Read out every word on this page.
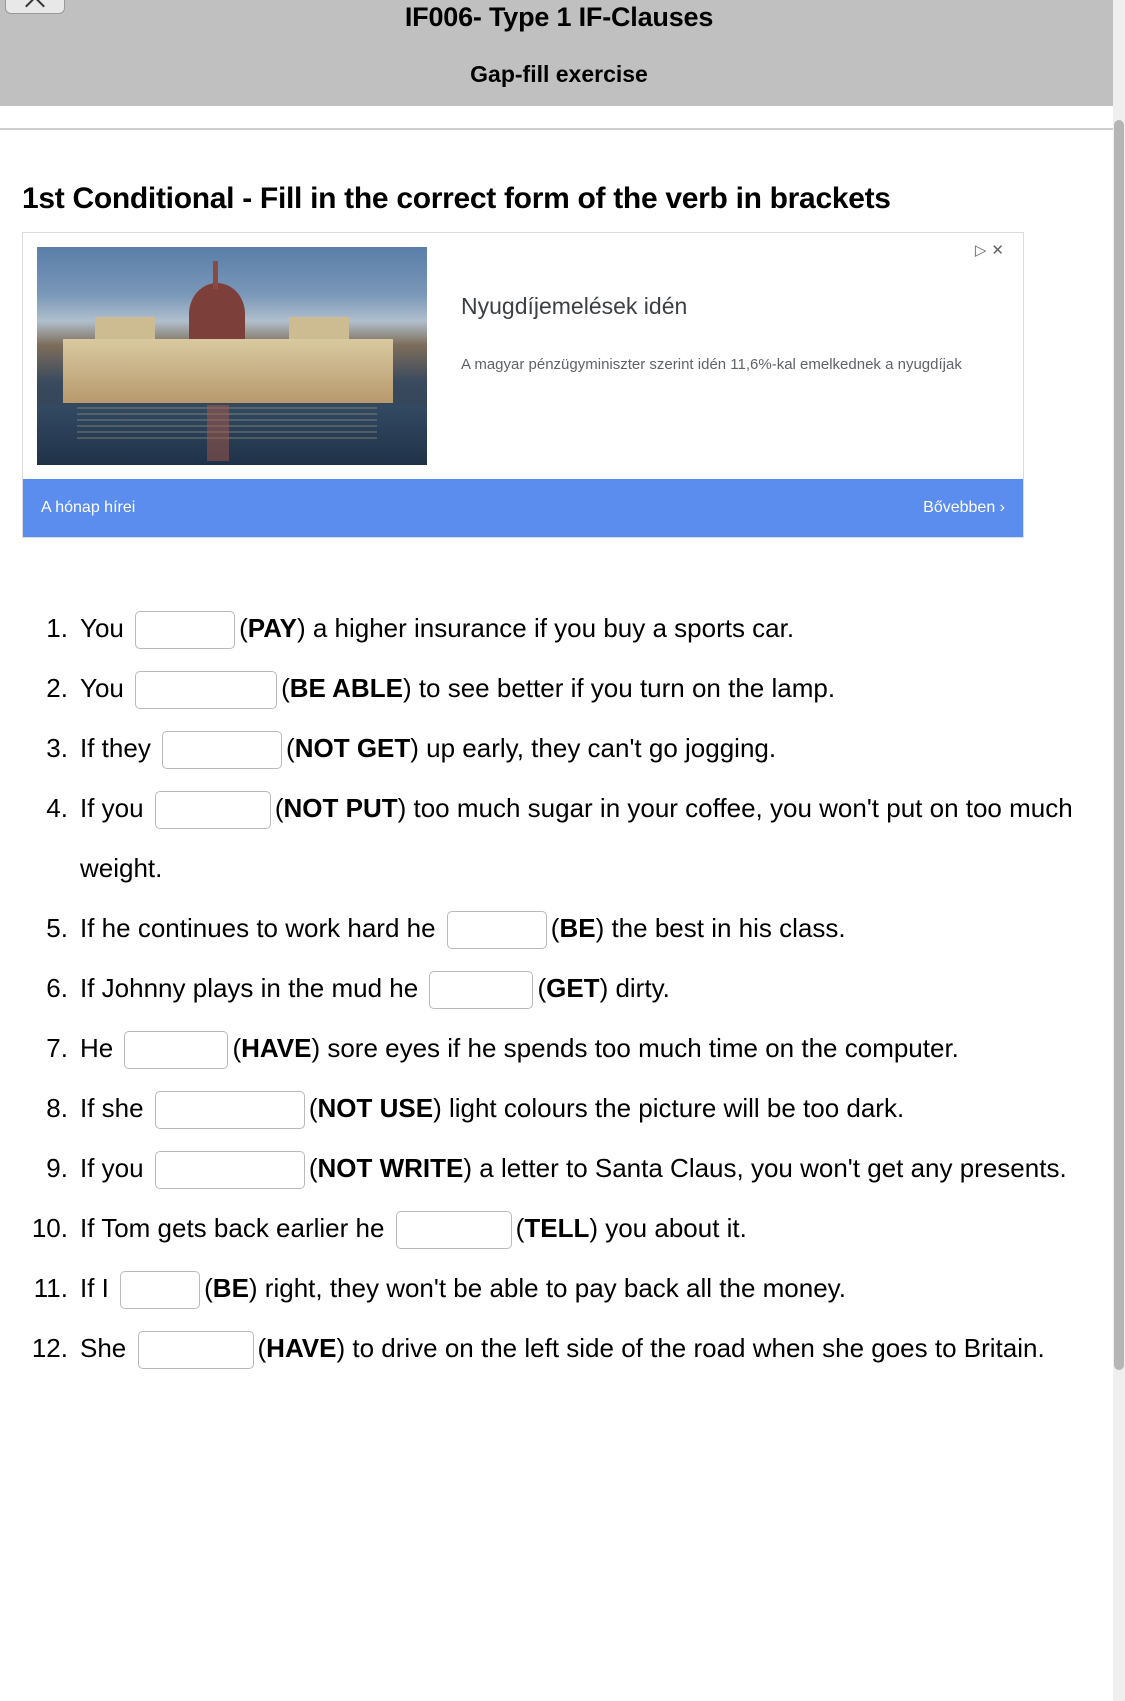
IF006- Type 1 IF-Clauses
Gap-fill exercise
1st Conditional - Fill in the correct form of the verb in brackets
▷✕
Nyugdíjemelések idén
A magyar pénzügyminiszter szerint idén 11,6%-kal emelkednek a nyugdíjak
A hónap hírei	Bővebben ›
You	(PAY) a higher insurance if you buy a sports car.
You	(BE ABLE) to see better if you turn on the lamp.
If they	(NOT GET) up early, they can't go jogging.
If you	(NOT PUT) too much sugar in your coffee, you won't put on too much weight.
If he continues to work hard he	(BE) the best in his class.
If Johnny plays in the mud he	(GET) dirty.
He	(HAVE) sore eyes if he spends too much time on the computer.
If she	(NOT USE) light colours the picture will be too dark.
If you	(NOT WRITE) a letter to Santa Claus, you won't get any presents.
If Tom gets back earlier he	(TELL) you about it.
If I	(BE) right, they won't be able to pay back all the money.
She	(HAVE) to drive on the left side of the road when she goes to Britain.
